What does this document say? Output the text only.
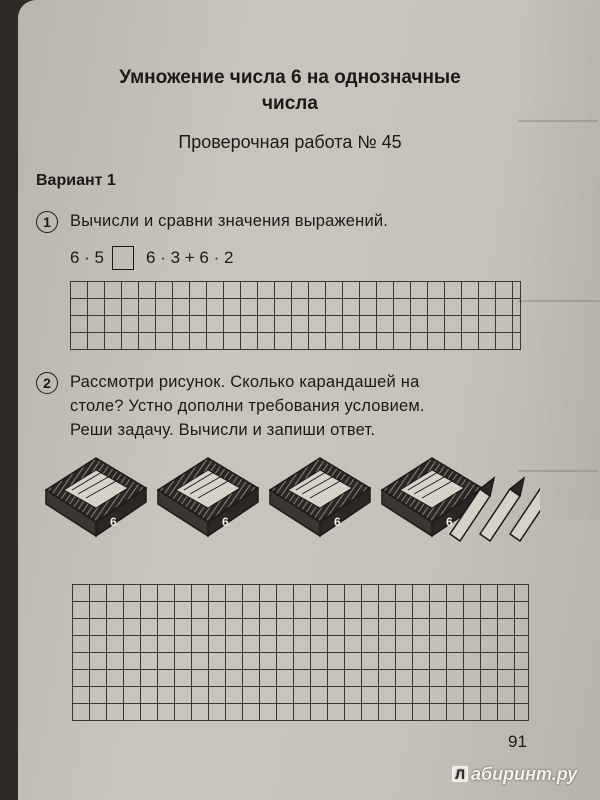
Умножение числа 6 на однозначные
числа
Проверочная работа № 45
Вариант 1
1	Вычисли и сравни значения выражений.
6 · 5 6 · 3 + 6 · 2
2	Рассмотри рисунок. Сколько карандашей на
столе? Устно дополни требования условием.
Реши задачу. Вычисли и запиши ответ.
6	6	6	6
91
Л абиринт.ру
